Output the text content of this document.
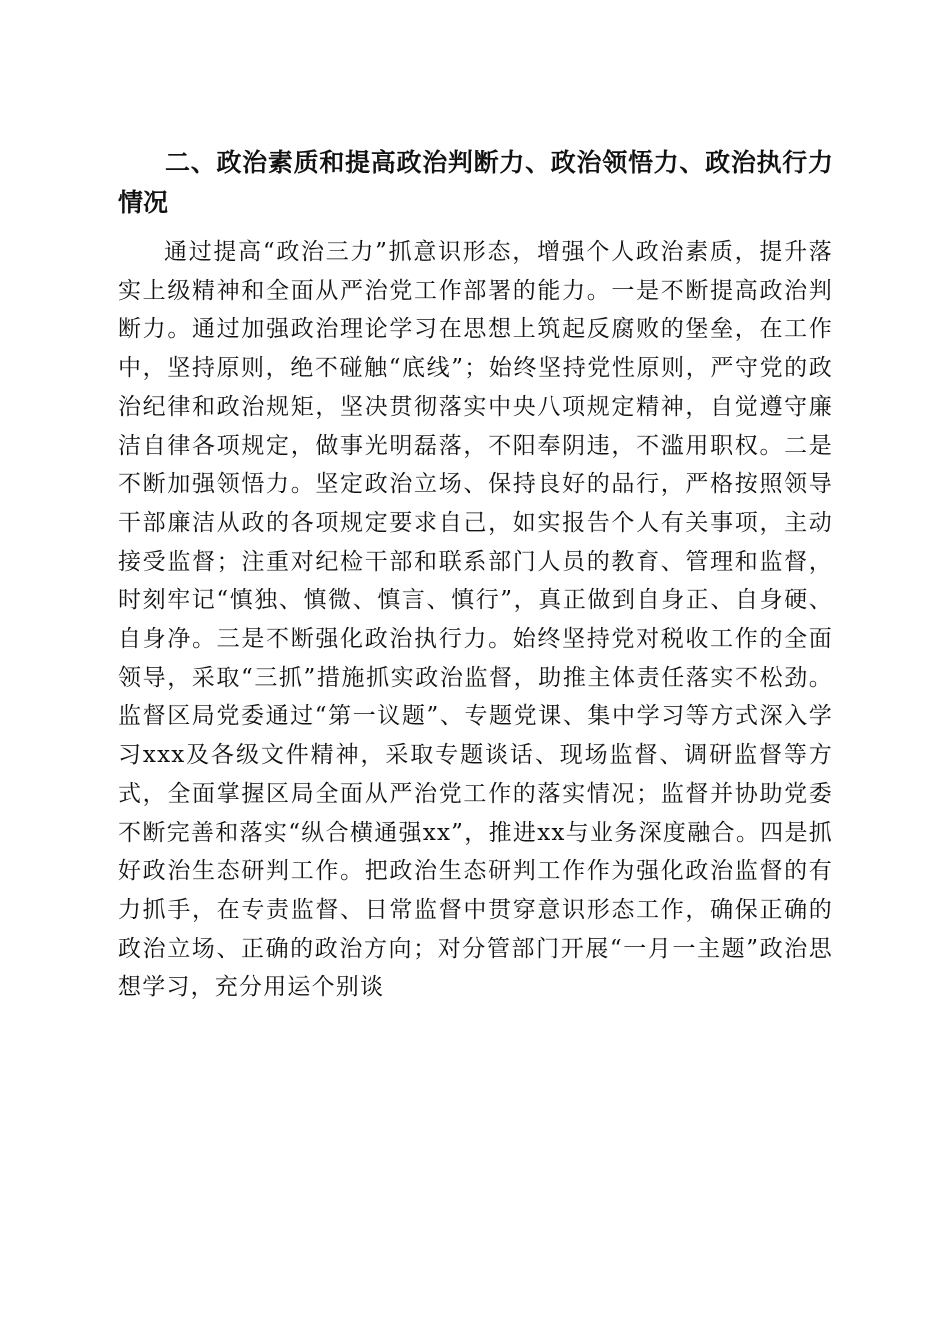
二、政治素质和提高政治判断力、政治领悟力、政治执行力情况

通过提高“政治三力”抓意识形态，增强个人政治素质，提升落实上级精神和全面从严治党工作部署的能力。一是不断提高政治判断力。通过加强政治理论学习在思想上筑起反腐败的堡垒，在工作中，坚持原则，绝不碰触“底线”；始终坚持党性原则，严守党的政治纪律和政治规矩，坚决贯彻落实中央八项规定精神，自觉遵守廉洁自律各项规定，做事光明磊落，不阳奉阴违，不滥用职权。二是不断加强领悟力。坚定政治立场、保持良好的品行，严格按照领导干部廉洁从政的各项规定要求自己，如实报告个人有关事项，主动接受监督；注重对纪检干部和联系部门人员的教育、管理和监督，时刻牢记“慎独、慎微、慎言、慎行”，真正做到自身正、自身硬、自身净。三是不断强化政治执行力。始终坚持党对税收工作的全面领导，采取“三抓”措施抓实政治监督，助推主体责任落实不松劲。监督区局党委通过“第一议题”、专题党课、集中学习等方式深入学习xxx及各级文件精神，采取专题谈话、现场监督、调研监督等方式，全面掌握区局全面从严治党工作的落实情况；监督并协助党委不断完善和落实“纵合横通强xx”，推进xx与业务深度融合。四是抓好政治生态研判工作。把政治生态研判工作作为强化政治监督的有力抓手，在专责监督、日常监督中贯穿意识形态工作，确保正确的政治立场、正确的政治方向；对分管部门开展“一月一主题”政治思想学习，充分用运个别谈
